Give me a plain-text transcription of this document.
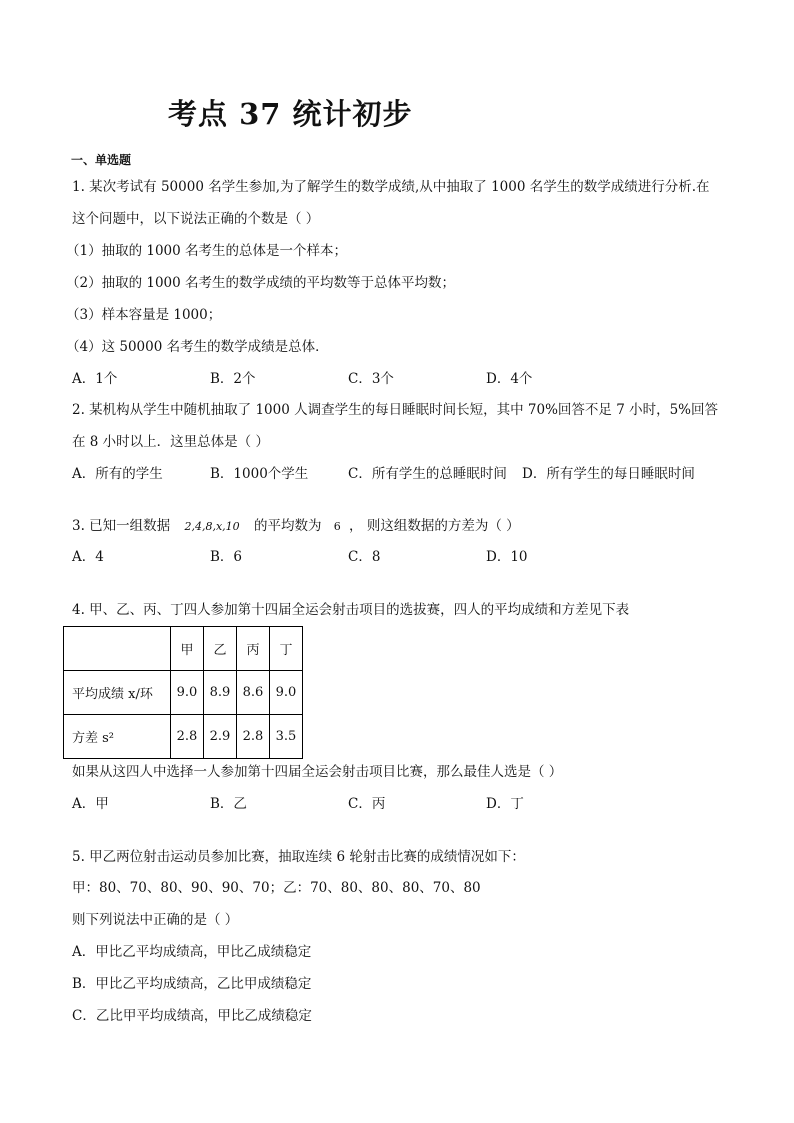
考点 37 统计初步
一、单选题
1. 某次考试有 50000 名学生参加,为了解学生的数学成绩,从中抽取了 1000 名学生的数学成绩进行分析.在
这个问题中，以下说法正确的个数是（ ）
（1）抽取的 1000 名考生的总体是一个样本；
（2）抽取的 1000 名考生的数学成绩的平均数等于总体平均数；
（3）样本容量是 1000；
（4）这 50000 名考生的数学成绩是总体．
A．1个	B．2个	C．3个	D．4个
2. 某机构从学生中随机抽取了 1000 人调查学生的每日睡眠时间长短，其中 70%回答不足 7 小时，5%回答
在 8 小时以上．这里总体是（ ）
A．所有的学生	B．1000个学生	C．所有学生的总睡眠时间 D．所有学生的每日睡眠时间
3. 已知一组数据 2,4,8,x,10 的平均数为 6 ， 则这组数据的方差为（ ）
A．4	B．6	C．8	D．10
4. 甲、乙、丙、丁四人参加第十四届全运会射击项目的选拔赛，四人的平均成绩和方差见下表
	甲	乙	丙	丁
平均成绩 x/环	9.0	8.9	8.6	9.0
方差 s²	2.8	2.9	2.8	3.5
如果从这四人中选择一人参加第十四届全运会射击项目比赛，那么最佳人选是（ ）
A．甲	B．乙	C．丙	D．丁
5. 甲乙两位射击运动员参加比赛，抽取连续 6 轮射击比赛的成绩情况如下：
甲：80、70、80、90、90、70；乙：70、80、80、80、70、80
则下列说法中正确的是（ ）
A．甲比乙平均成绩高，甲比乙成绩稳定
B．甲比乙平均成绩高，乙比甲成绩稳定
C．乙比甲平均成绩高，甲比乙成绩稳定
